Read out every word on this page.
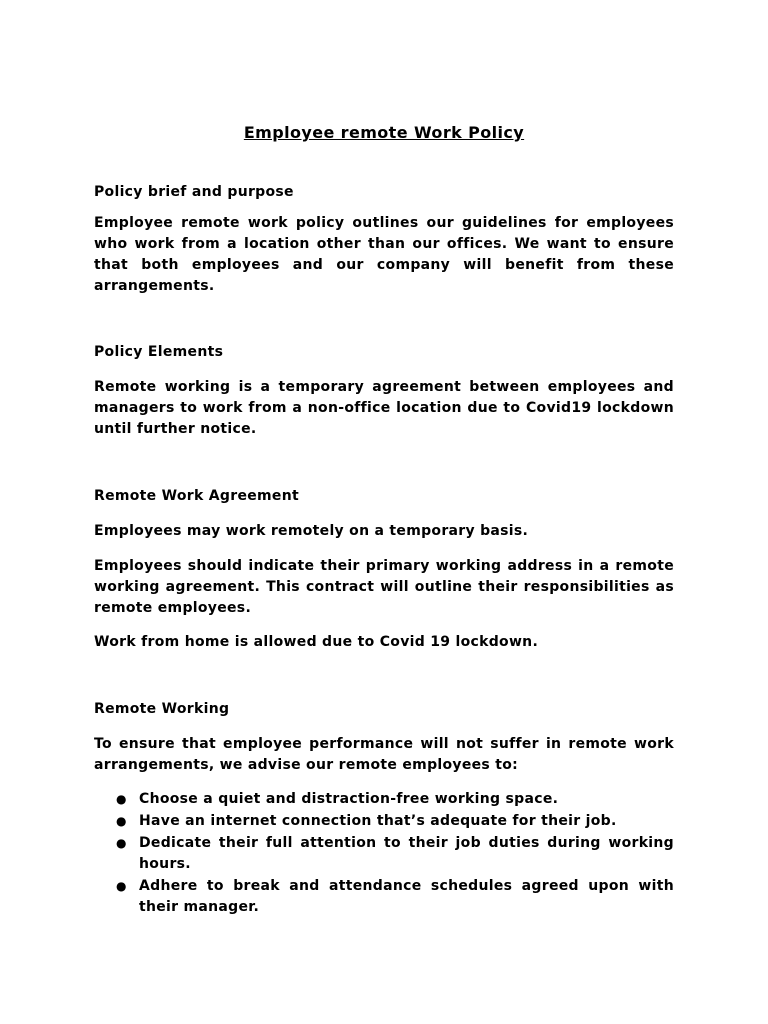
Employee remote Work Policy
Policy brief and purpose

Employee remote work policy outlines our guidelines for employees who work from a location other than our offices. We want to ensure that both employees and our company will benefit from these arrangements.

Policy Elements

Remote working is a temporary agreement between employees and managers to work from a non-office location due to Covid19 lockdown until further notice.

Remote Work Agreement

Employees may work remotely on a temporary basis.

Employees should indicate their primary working address in a remote working agreement. This contract will outline their responsibilities as remote employees.

Work from home is allowed due to Covid 19 lockdown.

Remote Working

To ensure that employee performance will not suffer in remote work arrangements, we advise our remote employees to:

● Choose a quiet and distraction-free working space.
● Have an internet connection that’s adequate for their job.
● Dedicate their full attention to their job duties during working hours.
● Adhere to break and attendance schedules agreed upon with their manager.
